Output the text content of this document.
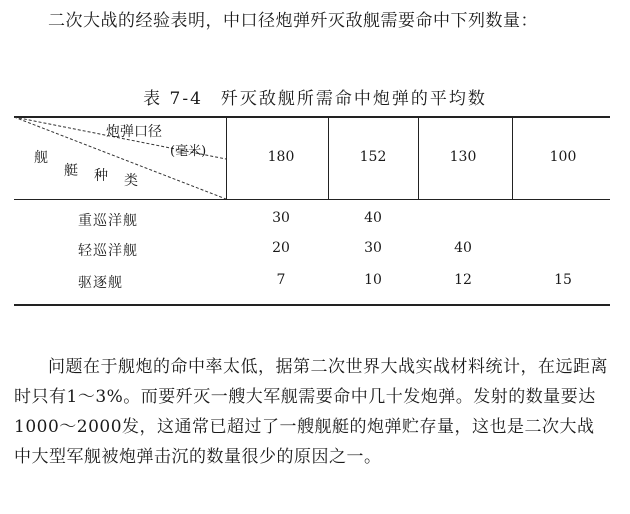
二次大战的经验表明，中口径炮弹歼灭敌舰需要命中下列数量：

表 7-4 歼灭敌舰所需命中炮弹的平均数
炮弹口径
(毫米)
舰
艇 种 类
180	152	130	100
重巡洋舰	30	40
轻巡洋舰	20	30	40
驱逐舰	7	10	12	15

问题在于舰炮的命中率太低，据第二次世界大战实战材料统计，在远距离时只有1～3%。而要歼灭一艘大军舰需要命中几十发炮弹。发射的数量要达1000～2000发，这通常已超过了一艘舰艇的炮弹贮存量，这也是二次大战中大型军舰被炮弹击沉的数量很少的原因之一。
